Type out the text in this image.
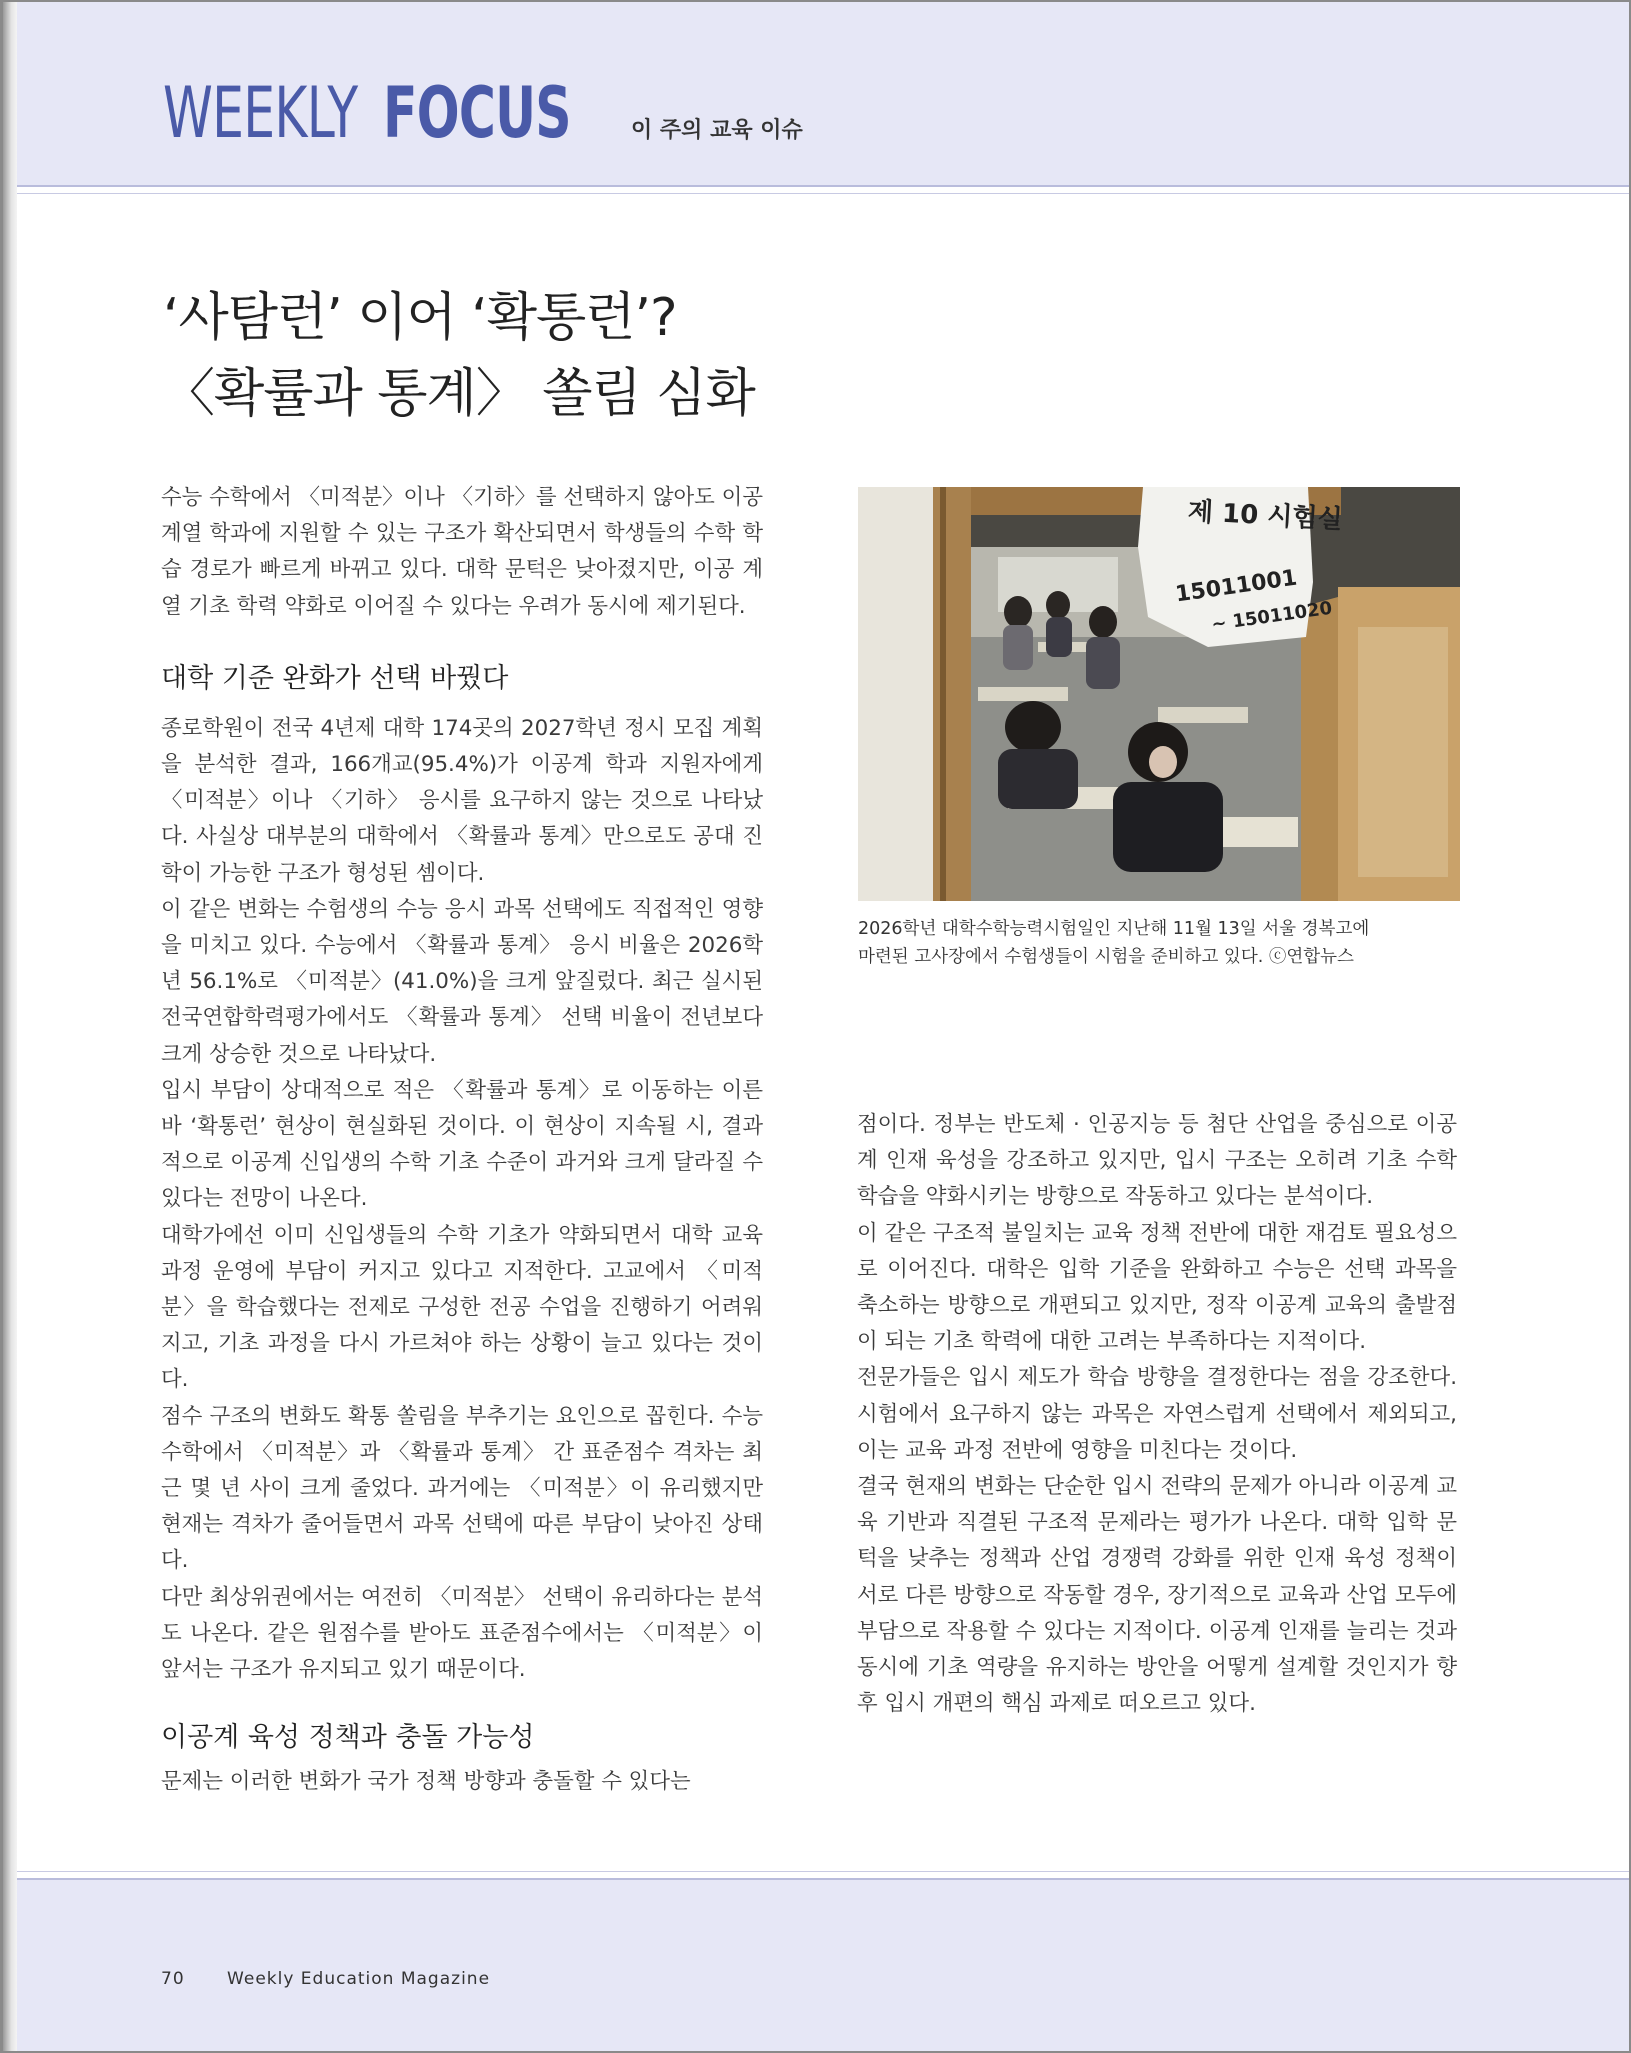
WEEKLY FOCUS	이 주의 교육 이슈
‘사탐런’ 이어 ‘확통런’?
〈확률과 통계〉 쏠림 심화

수능 수학에서 〈미적분〉이나 〈기하〉를 선택하지 않아도 이공 계열 학과에 지원할 수 있는 구조가 확산되면서 학생들의 수학 학습 경로가 빠르게 바뀌고 있다. 대학 문턱은 낮아졌지만, 이공 계열 기초 학력 약화로 이어질 수 있다는 우려가 동시에 제기된다.

대학 기준 완화가 선택 바꿨다

종로학원이 전국 4년제 대학 174곳의 2027학년 정시 모집 계획을 분석한 결과, 166개교(95.4%)가 이공계 학과 지원자에게 〈미적분〉이나 〈기하〉 응시를 요구하지 않는 것으로 나타났다. 사실상 대부분의 대학에서 〈확률과 통계〉만으로도 공대 진학이 가능한 구조가 형성된 셈이다.

이 같은 변화는 수험생의 수능 응시 과목 선택에도 직접적인 영향을 미치고 있다. 수능에서 〈확률과 통계〉 응시 비율은 2026학년 56.1%로 〈미적분〉(41.0%)을 크게 앞질렀다. 최근 실시된 전국연합학력평가에서도 〈확률과 통계〉 선택 비율이 전년보다 크게 상승한 것으로 나타났다.

입시 부담이 상대적으로 적은 〈확률과 통계〉로 이동하는 이른바 ‘확통런’ 현상이 현실화된 것이다. 이 현상이 지속될 시, 결과적으로 이공계 신입생의 수학 기초 수준이 과거와 크게 달라질 수 있다는 전망이 나온다.

대학가에선 이미 신입생들의 수학 기초가 약화되면서 대학 교육과정 운영에 부담이 커지고 있다고 지적한다. 고교에서 〈미적분〉을 학습했다는 전제로 구성한 전공 수업을 진행하기 어려워지고, 기초 과정을 다시 가르쳐야 하는 상황이 늘고 있다는 것이다.

점수 구조의 변화도 확통 쏠림을 부추기는 요인으로 꼽힌다. 수능 수학에서 〈미적분〉과 〈확률과 통계〉 간 표준점수 격차는 최근 몇 년 사이 크게 줄었다. 과거에는 〈미적분〉이 유리했지만 현재는 격차가 줄어들면서 과목 선택에 따른 부담이 낮아진 상태다.

다만 최상위권에서는 여전히 〈미적분〉 선택이 유리하다는 분석도 나온다. 같은 원점수를 받아도 표준점수에서는 〈미적분〉이 앞서는 구조가 유지되고 있기 때문이다.

이공계 육성 정책과 충돌 가능성

문제는 이러한 변화가 국가 정책 방향과 충돌할 수 있다는

제 10 시험실
15011001
~ 15011020
2026학년 대학수학능력시험일인 지난해 11월 13일 서울 경복고에
마련된 고사장에서 수험생들이 시험을 준비하고 있다. ⓒ연합뉴스

점이다. 정부는 반도체 · 인공지능 등 첨단 산업을 중심으로 이공계 인재 육성을 강조하고 있지만, 입시 구조는 오히려 기초 수학 학습을 약화시키는 방향으로 작동하고 있다는 분석이다.

이 같은 구조적 불일치는 교육 정책 전반에 대한 재검토 필요성으로 이어진다. 대학은 입학 기준을 완화하고 수능은 선택 과목을 축소하는 방향으로 개편되고 있지만, 정작 이공계 교육의 출발점이 되는 기초 학력에 대한 고려는 부족하다는 지적이다.

전문가들은 입시 제도가 학습 방향을 결정한다는 점을 강조한다. 시험에서 요구하지 않는 과목은 자연스럽게 선택에서 제외되고, 이는 교육 과정 전반에 영향을 미친다는 것이다.

결국 현재의 변화는 단순한 입시 전략의 문제가 아니라 이공계 교육 기반과 직결된 구조적 문제라는 평가가 나온다. 대학 입학 문턱을 낮추는 정책과 산업 경쟁력 강화를 위한 인재 육성 정책이 서로 다른 방향으로 작동할 경우, 장기적으로 교육과 산업 모두에 부담으로 작용할 수 있다는 지적이다. 이공계 인재를 늘리는 것과 동시에 기초 역량을 유지하는 방안을 어떻게 설계할 것인지가 향후 입시 개편의 핵심 과제로 떠오르고 있다.

70 Weekly Education Magazine
